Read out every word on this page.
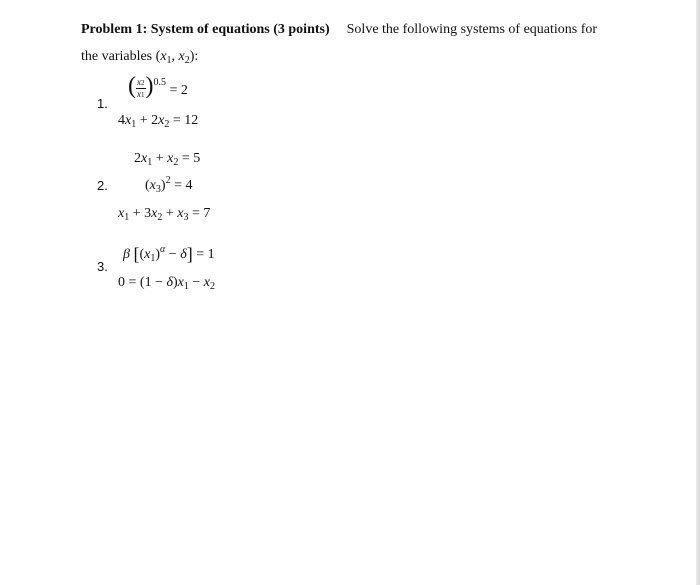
Problem 1: System of equations (3 points) Solve the following systems of equations for
the variables ($x_1$, $x_2$):
1.
( $\frac{x2}{x1} )^{0.5} = 2$
$4x_1 + 2x_2 = 12$
$2x_1 + x_2 = 5$
2.	$(x_3)^2 = 4$
$x_1 + 3x_2 + x_3 = 7$
β $[(x_1)^\alpha - \delta] = 1$
3.
$0 = (1 - \delta)x_1 - x_2$
